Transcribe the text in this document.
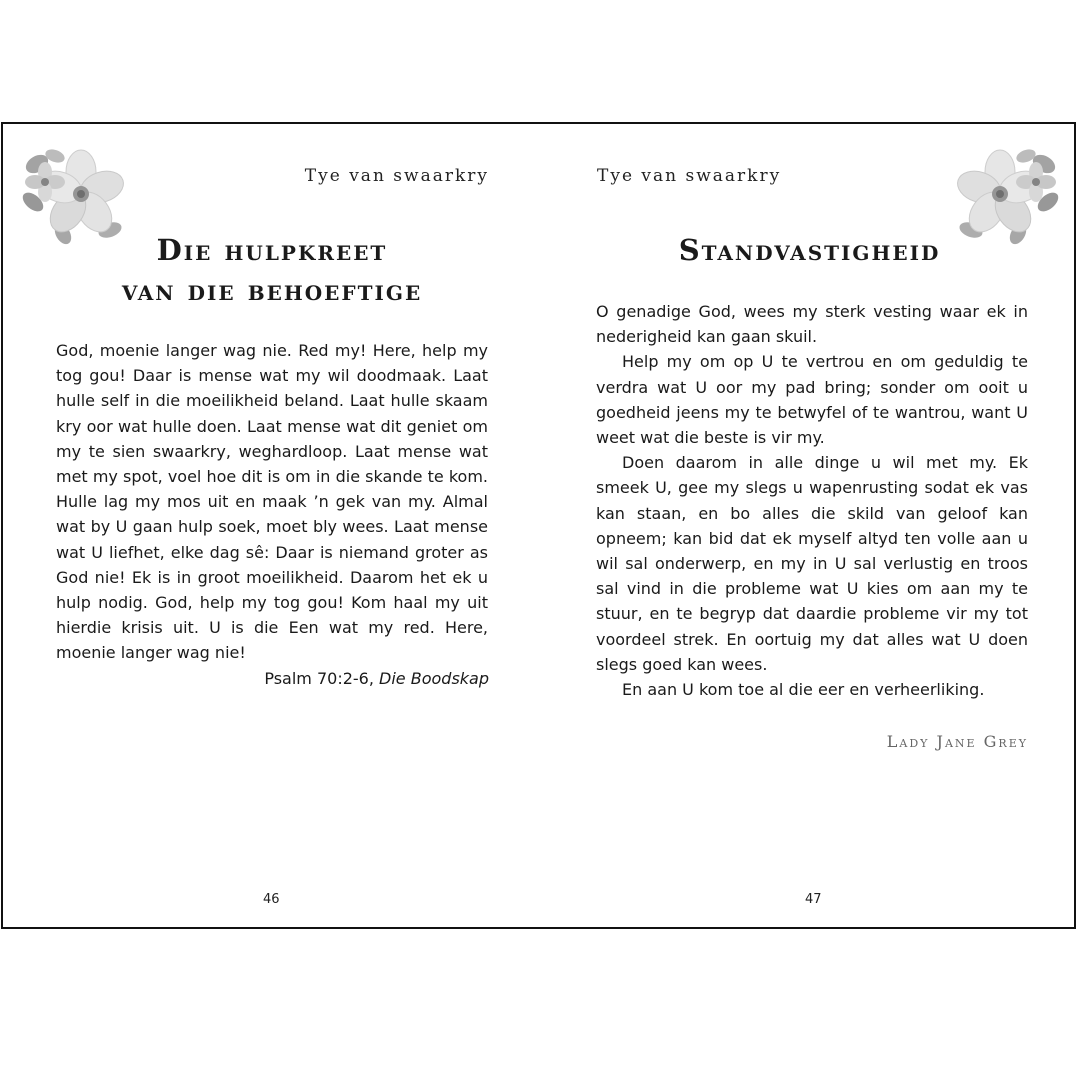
Tye van swaarkry
Die hulpkreet
van die behoeftige

God, moenie langer wag nie. Red my! Here, help my tog gou! Daar is mense wat my wil doodmaak. Laat hulle self in die moeilikheid beland. Laat hulle skaam kry oor wat hulle doen. Laat mense wat dit geniet om my te sien swaarkry, weghardloop. Laat mense wat met my spot, voel hoe dit is om in die skande te kom. Hulle lag my mos uit en maak ’n gek van my. Almal wat by U gaan hulp soek, moet bly wees. Laat mense wat U liefhet, elke dag sê: Daar is niemand groter as God nie! Ek is in groot moeilikheid. Daarom het ek u hulp nodig. God, help my tog gou! Kom haal my uit hierdie krisis uit. U is die Een wat my red. Here, moenie langer wag nie!

Psalm 70:2-6, Die Boodskap
46
Tye van swaarkry
Standvastigheid

O genadige God, wees my sterk vesting waar ek in nederigheid kan gaan skuil.

Help my om op U te vertrou en om geduldig te verdra wat U oor my pad bring; sonder om ooit u goedheid jeens my te betwyfel of te wantrou, want U weet wat die beste is vir my.

Doen daarom in alle dinge u wil met my. Ek smeek U, gee my slegs u wapenrusting sodat ek vas kan staan, en bo alles die skild van geloof kan opneem; kan bid dat ek myself altyd ten volle aan u wil sal onderwerp, en my in U sal verlustig en troos sal vind in die probleme wat U kies om aan my te stuur, en te begryp dat daardie probleme vir my tot voordeel strek. En oortuig my dat alles wat U doen slegs goed kan wees.

En aan U kom toe al die eer en verheerliking.

Lady Jane Grey
47
